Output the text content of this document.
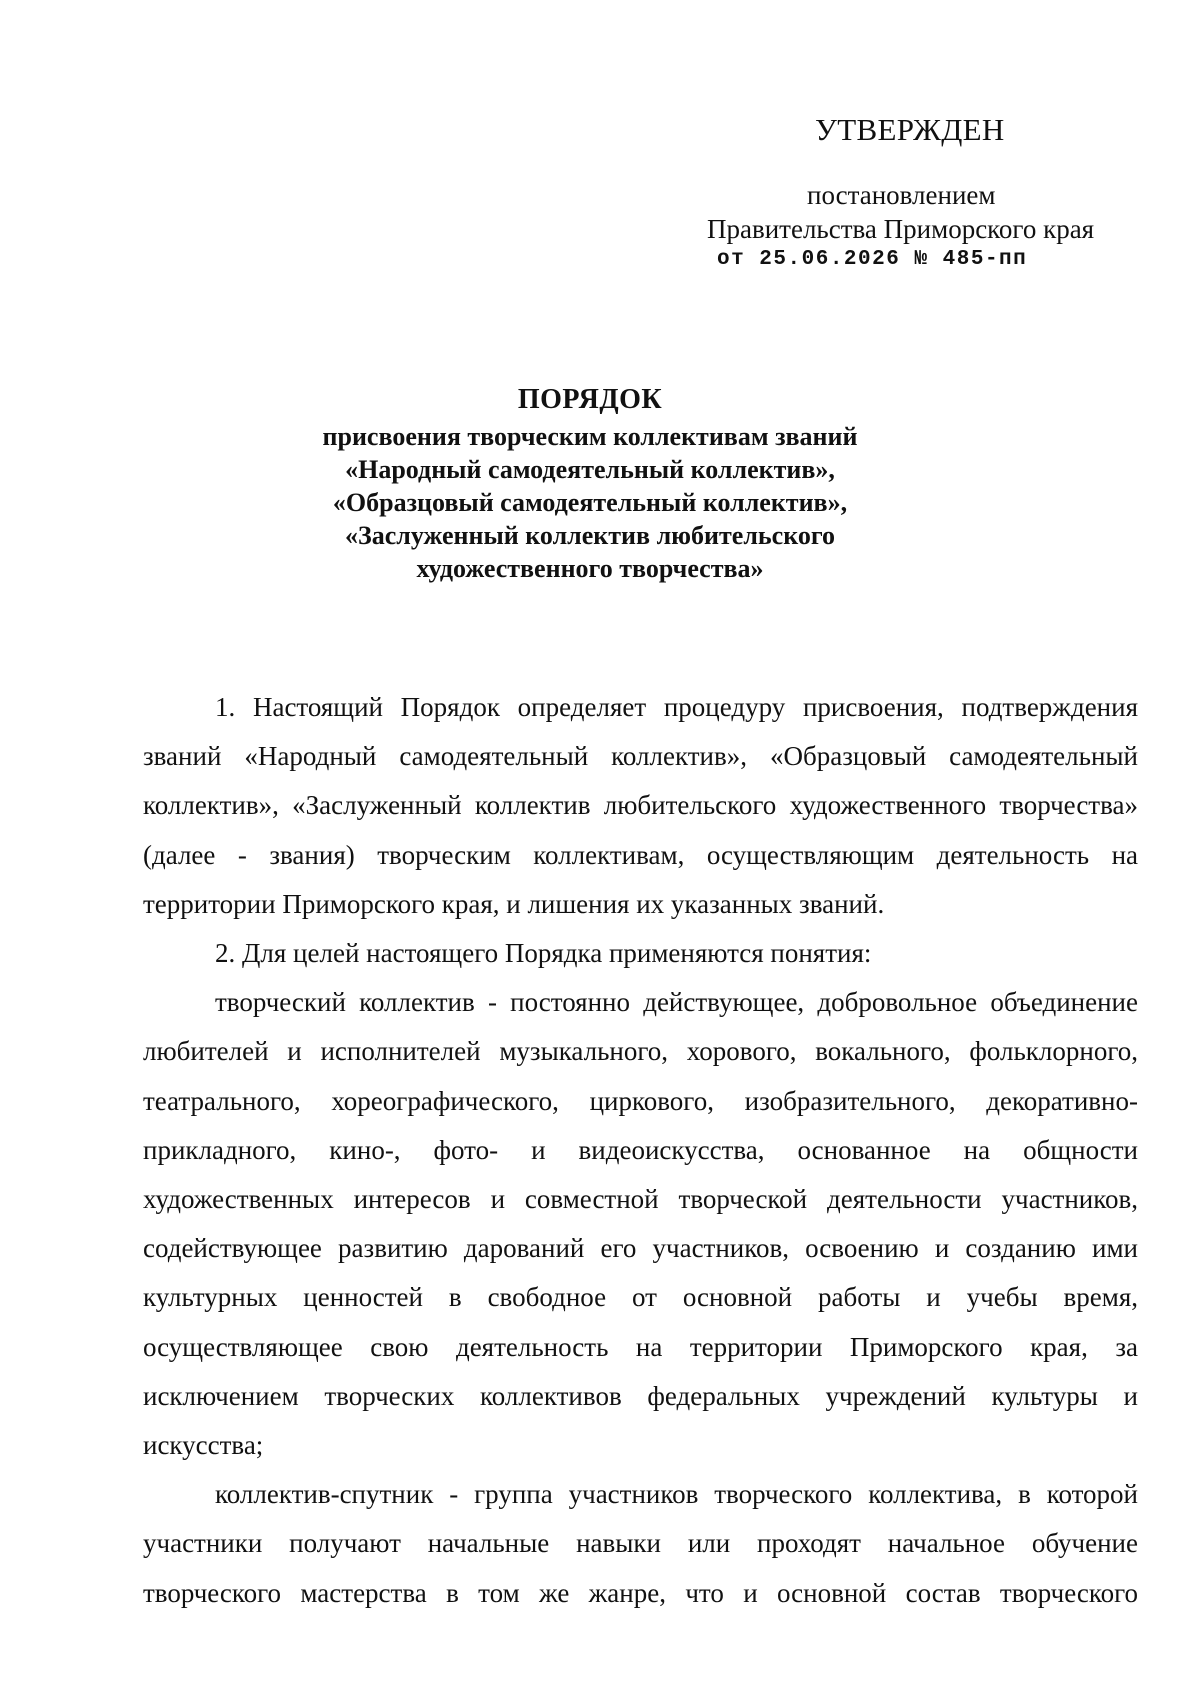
УТВЕРЖДЕН
постановлением
Правительства Приморского края
от 25.06.2026 № 485-пп
ПОРЯДОК
присвоения творческим коллективам званий
«Народный самодеятельный коллектив»,
«Образцовый самодеятельный коллектив»,
«Заслуженный коллектив любительского
художественного творчества»

1. Настоящий Порядок определяет процедуру присвоения, подтверждения званий «Народный самодеятельный коллектив», «Образцовый самодеятельный коллектив», «Заслуженный коллектив любительского художественного творчества» (далее - звания) творческим коллективам, осуществляющим деятельность на территории Приморского края, и лишения их указанных званий.

2. Для целей настоящего Порядка применяются понятия:

творческий коллектив - постоянно действующее, добровольное объединение любителей и исполнителей музыкального, хорового, вокального, фольклорного, театрального, хореографического, циркового, изобразительного, декоративно-прикладного, кино-, фото- и видеоискусства, основанное на общности художественных интересов и совместной творческой деятельности участников, содействующее развитию дарований его участников, освоению и созданию ими культурных ценностей в свободное от основной работы и учебы время, осуществляющее свою деятельность на территории Приморского края, за исключением творческих коллективов федеральных учреждений культуры и искусства;

коллектив-спутник - группа участников творческого коллектива, в которой участники получают начальные навыки или проходят начальное обучение творческого мастерства в том же жанре, что и основной состав творческого
